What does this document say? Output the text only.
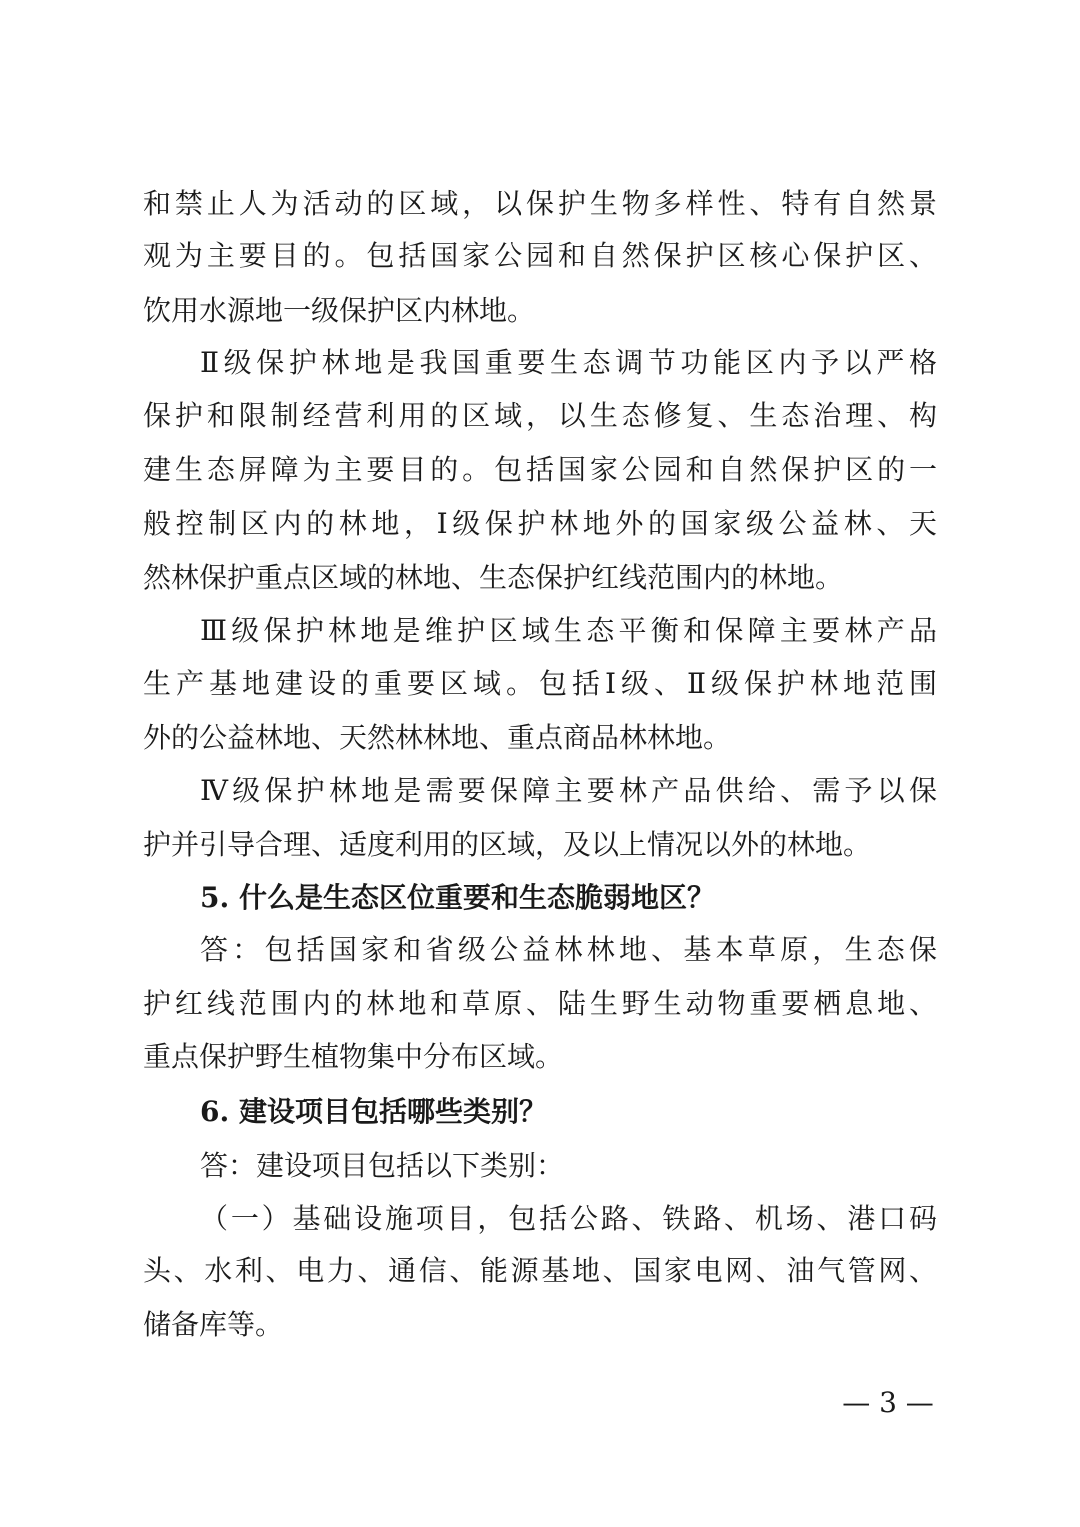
和禁止人为活动的区域，以保护生物多样性、特有自然景
观为主要目的。包括国家公园和自然保护区核心保护区、
饮用水源地一级保护区内林地。
Ⅱ级保护林地是我国重要生态调节功能区内予以严格
保护和限制经营利用的区域，以生态修复、生态治理、构
建生态屏障为主要目的。包括国家公园和自然保护区的一
般控制区内的林地，Ⅰ级保护林地外的国家级公益林、天
然林保护重点区域的林地、生态保护红线范围内的林地。
Ⅲ级保护林地是维护区域生态平衡和保障主要林产品
生产基地建设的重要区域。包括Ⅰ级、Ⅱ级保护林地范围
外的公益林地、天然林林地、重点商品林林地。
Ⅳ级保护林地是需要保障主要林产品供给、需予以保
护并引导合理、适度利用的区域，及以上情况以外的林地。
5. 什么是生态区位重要和生态脆弱地区？
答：包括国家和省级公益林林地、基本草原，生态保
护红线范围内的林地和草原、陆生野生动物重要栖息地、
重点保护野生植物集中分布区域。
6. 建设项目包括哪些类别？
答：建设项目包括以下类别：
（一）基础设施项目，包括公路、铁路、机场、港口码
头、水利、电力、通信、能源基地、国家电网、油气管网、
储备库等。
— 3 —
